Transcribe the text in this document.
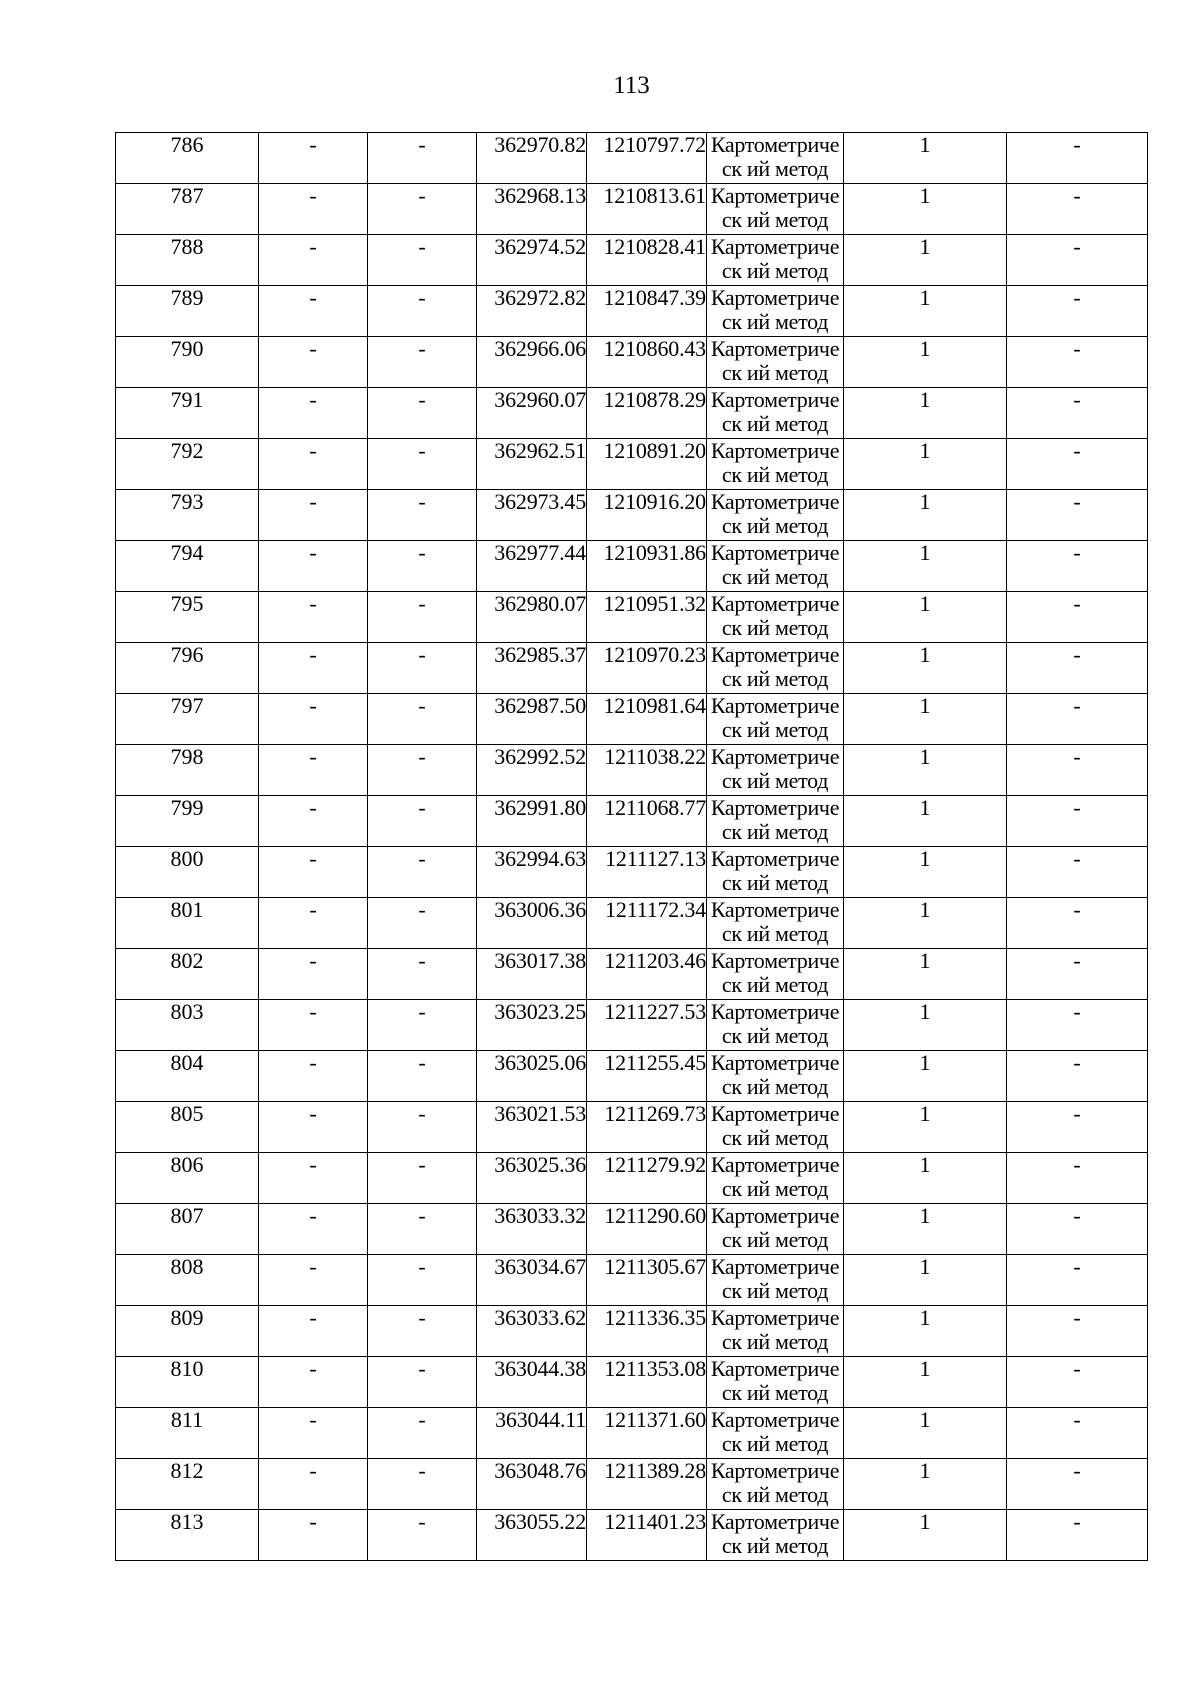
113
786	-	-	362970.82	1210797.72	Картометрическ ий метод	1	-
787	-	-	362968.13	1210813.61	Картометрическ ий метод	1	-
788	-	-	362974.52	1210828.41	Картометрическ ий метод	1	-
789	-	-	362972.82	1210847.39	Картометрическ ий метод	1	-
790	-	-	362966.06	1210860.43	Картометрическ ий метод	1	-
791	-	-	362960.07	1210878.29	Картометрическ ий метод	1	-
792	-	-	362962.51	1210891.20	Картометрическ ий метод	1	-
793	-	-	362973.45	1210916.20	Картометрическ ий метод	1	-
794	-	-	362977.44	1210931.86	Картометрическ ий метод	1	-
795	-	-	362980.07	1210951.32	Картометрическ ий метод	1	-
796	-	-	362985.37	1210970.23	Картометрическ ий метод	1	-
797	-	-	362987.50	1210981.64	Картометрическ ий метод	1	-
798	-	-	362992.52	1211038.22	Картометрическ ий метод	1	-
799	-	-	362991.80	1211068.77	Картометрическ ий метод	1	-
800	-	-	362994.63	1211127.13	Картометрическ ий метод	1	-
801	-	-	363006.36	1211172.34	Картометрическ ий метод	1	-
802	-	-	363017.38	1211203.46	Картометрическ ий метод	1	-
803	-	-	363023.25	1211227.53	Картометрическ ий метод	1	-
804	-	-	363025.06	1211255.45	Картометрическ ий метод	1	-
805	-	-	363021.53	1211269.73	Картометрическ ий метод	1	-
806	-	-	363025.36	1211279.92	Картометрическ ий метод	1	-
807	-	-	363033.32	1211290.60	Картометрическ ий метод	1	-
808	-	-	363034.67	1211305.67	Картометрическ ий метод	1	-
809	-	-	363033.62	1211336.35	Картометрическ ий метод	1	-
810	-	-	363044.38	1211353.08	Картометрическ ий метод	1	-
811	-	-	363044.11	1211371.60	Картометрическ ий метод	1	-
812	-	-	363048.76	1211389.28	Картометрическ ий метод	1	-
813	-	-	363055.22	1211401.23	Картометрическ ий метод	1	-
